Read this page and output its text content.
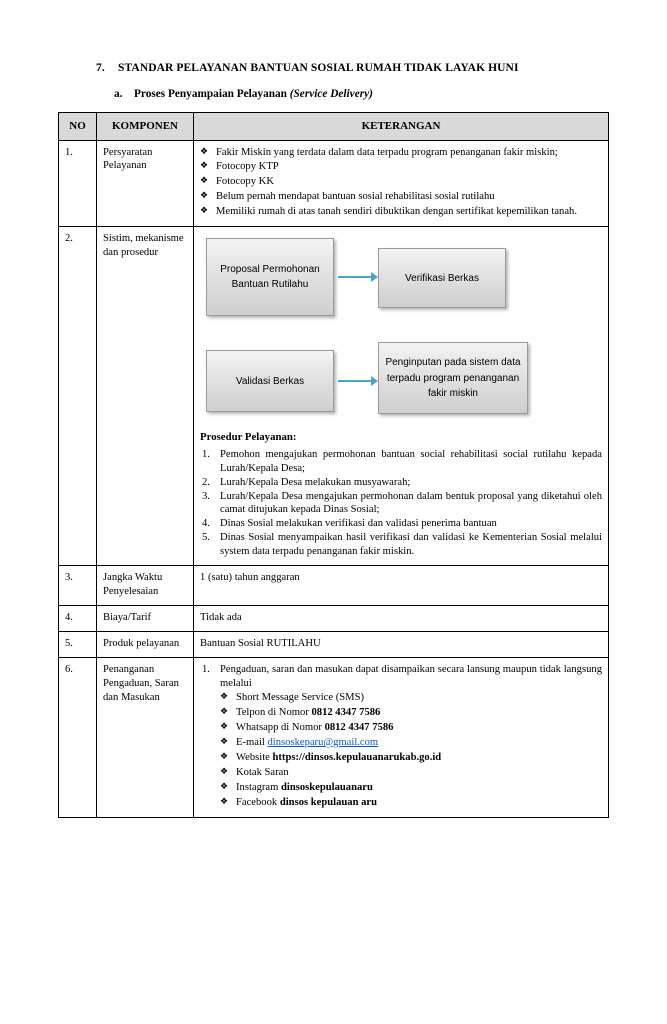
7. STANDAR PELAYANAN BANTUAN SOSIAL RUMAH TIDAK LAYAK HUNI
a. Proses Penyampaian Pelayanan (Service Delivery)
NO	KOMPONEN	KETERANGAN
1.	Persyaratan Pelayanan	
❖ Fakir Miskin yang terdata dalam data terpadu program penanganan fakir miskin;
❖ Fotocopy KTP
❖ Fotocopy KK
❖ Belum pernah mendapat bantuan sosial rehabilitasi sosial rutilahu
❖ Memiliki rumah di atas tanah sendiri dibuktikan dengan sertifikat kepemilikan tanah.

2.	Sistim, mekanisme dan prosedur	
Proposal Permohonan Bantuan Rutilahu
Verifikasi Berkas
Validasi Berkas
Penginputan pada sistem data terpadu program penanganan fakir miskin
Prosedur Pelayanan:
Pemohon mengajukan permohonan bantuan social rehabilitasi social rutilahu kepada Lurah/Kepala Desa;
Lurah/Kepala Desa melakukan musyawarah;
Lurah/Kepala Desa mengajukan permohonan dalam bentuk proposal yang diketahui oleh camat ditujukan kepada Dinas Sosial;
Dinas Sosial melakukan verifikasi dan validasi penerima bantuan
Dinas Sosial menyampaikan hasil verifikasi dan validasi ke Kementerian Sosial melalui system data terpadu penanganan fakir miskin.

3.	Jangka Waktu Penyelesaian	1 (satu) tahun anggaran
4.	Biaya/Tarif	Tidak ada
5.	Produk pelayanan	Bantuan Sosial RUTILAHU
6.	Penanganan Pengaduan, Saran dan Masukan	
Pengaduan, saran dan masukan dapat disampaikan secara lansung maupun tidak langsung melalui
❖ Short Message Service (SMS)
❖ Telpon di Nomor 0812 4347 7586
❖ Whatsapp di Nomor 0812 4347 7586
❖ E-mail dinsoskeparu@gmail.com
❖ Website https://dinsos.kepulauanarukab.go.id
❖ Kotak Saran
❖ Instagram dinsoskepulauanaru
❖ Facebook dinsos kepulauan aru
